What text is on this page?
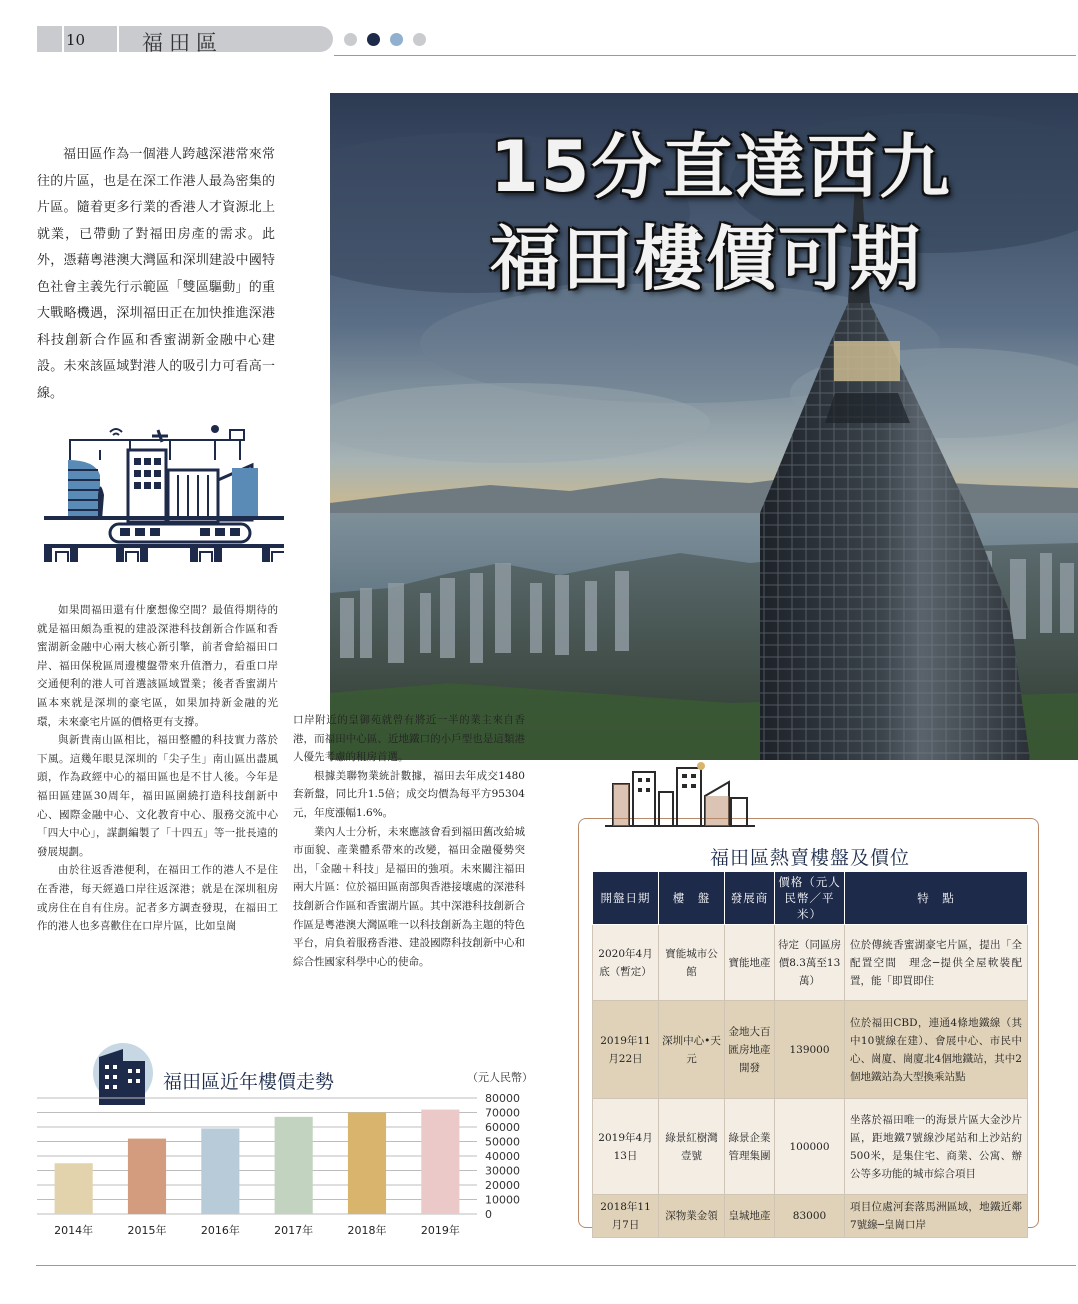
10	福田區
15分直達西九
福田樓價可期

福田區作為一個港人跨越深港常來常往的片區，也是在深工作港人最為密集的片區。隨着更多行業的香港人才資源北上就業，已帶動了對福田房產的需求。此外，憑藉粵港澳大灣區和深圳建設中國特色社會主義先行示範區「雙區驅動」的重大戰略機遇，深圳福田正在加快推進深港科技創新合作區和香蜜湖新金融中心建設。未來該區域對港人的吸引力可看高一線。

如果問福田還有什麼想像空間？最值得期待的就是福田頗為重視的建設深港科技創新合作區和香蜜湖新金融中心兩大核心新引擎，前者會給福田口岸、福田保稅區周邊樓盤帶來升值潛力，看重口岸交通便利的港人可首選該區域置業；後者香蜜湖片區本來就是深圳的豪宅區，如果加持新金融的光環，未來豪宅片區的價格更有支撐。

與新貴南山區相比，福田整體的科技實力落於下風。這幾年眼見深圳的「尖子生」南山區出盡風頭，作為政經中心的福田區也是不甘人後。今年是福田區建區30周年，福田區圍繞打造科技創新中心、國際金融中心、文化教育中心、服務交流中心「四大中心」，謀劃編製了「十四五」等一批長遠的發展規劃。

由於往返香港便利，在福田工作的港人不是住在香港，每天經過口岸往返深港；就是在深圳租房或房住在自有住房。記者多方調查發現，在福田工作的港人也多喜歡住在口岸片區，比如皇崗

口岸附近的皇御苑就曾有將近一半的業主來自香港，而福田中心區、近地鐵口的小戶型也是這類港人優先考慮的租房首選。

根據美聯物業統計數據，福田去年成交1480套新盤，同比升1.5倍；成交均價為每平方95304元，年度漲幅1.6%。

業內人士分析，未來應該會看到福田舊改給城市面貌、產業體系帶來的改變，福田金融優勢突出，「金融＋科技」是福田的強項。未來關注福田兩大片區：位於福田區南部與香港接壤處的深港科技創新合作區和香蜜湖片區。其中深港科技創新合作區是粵港澳大灣區唯一以科技創新為主題的特色平台，肩負着服務香港、建設國際科技創新中心和綜合性國家科學中心的使命。

福田區近年樓價走勢	（元人民幣）
0
10000
20000
30000
40000
50000
60000
70000
80000
2014年	2015年	2016年	2017年	2018年	2019年
福田區熱賣樓盤及價位
開盤日期	樓　盤	發展商	價格（元人民幣／平米）	特　點
2020年4月底（暫定）	寶能城市公館	寶能地產	待定（同區房價8.3萬至13萬）	位於傳統香蜜湖豪宅片區，提出「全配置空間　理念─提供全屋軟裝配置，能「即買即住
2019年11月22日	深圳中心•天元	金地大百匯房地產開發	139000	位於福田CBD，連通4條地鐵線（其中10號線在建）、會展中心、市民中心、崗廈、崗廈北4個地鐵站，其中2個地鐵站為大型換乘站點
2019年4月13日	綠景紅樹灣壹號	綠景企業管理集團	100000	坐落於福田唯一的海景片區大金沙片區，距地鐵7號線沙尾站和上沙站約500米，是集住宅、商業、公寓、辦公等多功能的城市綜合項目
2018年11月7日	深物業金領	皇城地產	83000	項目位處河套落馬洲區域，地鐵近鄰7號線─皇崗口岸
